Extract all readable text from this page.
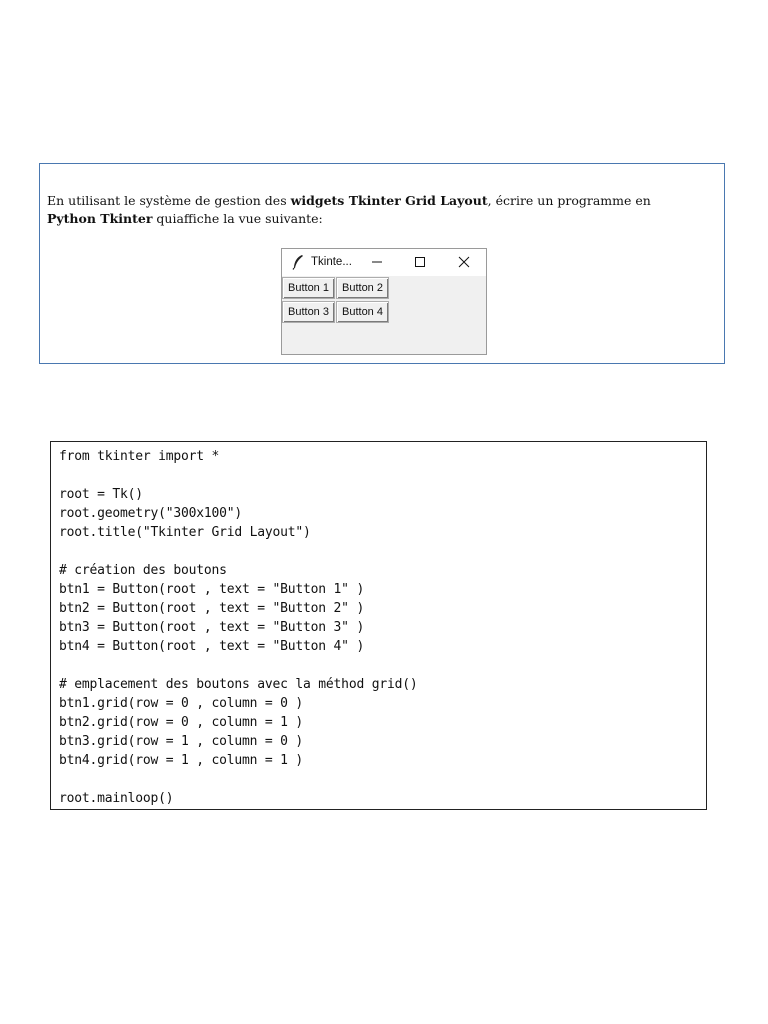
En utilisant le système de gestion des widgets Tkinter Grid Layout, écrire un programme en
Python Tkinter quiaffiche la vue suivante:

Tkinte...
Button 1	Button 2
Button 3	Button 4
from tkinter import *
root = Tk()
root.geometry("300x100")
root.title("Tkinter Grid Layout")
# création des boutons
btn1 = Button(root , text = "Button 1" )
btn2 = Button(root , text = "Button 2" )
btn3 = Button(root , text = "Button 3" )
btn4 = Button(root , text = "Button 4" )
# emplacement des boutons avec la méthod grid()
btn1.grid(row = 0 , column = 0 )
btn2.grid(row = 0 , column = 1 )
btn3.grid(row = 1 , column = 0 )
btn4.grid(row = 1 , column = 1 )
root.mainloop()
